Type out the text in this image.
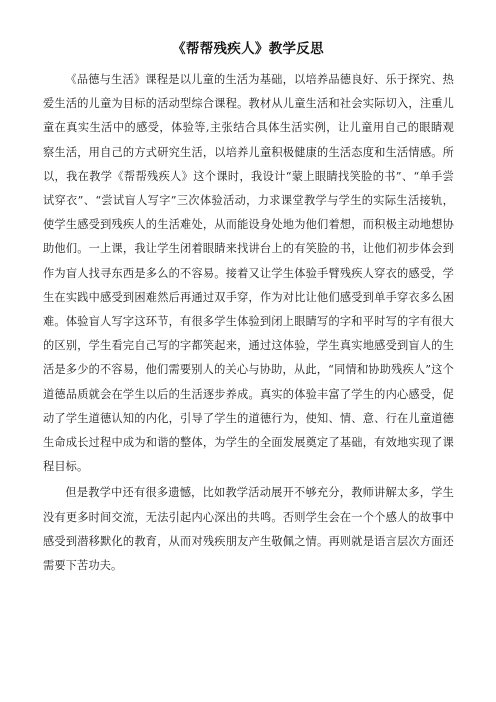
《帮帮残疾人》教学反思

《品德与生活》课程是以儿童的生活为基础，以培养品德良好、乐于探究、热爱生活的儿童为目标的活动型综合课程。教材从儿童生活和社会实际切入，注重儿童在真实生活中的感受，体验等,主张结合具体生活实例，让儿童用自己的眼睛观察生活，用自己的方式研究生活，以培养儿童积极健康的生活态度和生活情感。所以，我在教学《帮帮残疾人》这个课时，我设计“蒙上眼睛找笑脸的书”、“单手尝试穿衣”、“尝试盲人写字”三次体验活动，力求课堂教学与学生的实际生活接轨，使学生感受到残疾人的生活难处，从而能设身处地为他们着想，而积极主动地想协助他们。一上课，我让学生闭着眼睛来找讲台上的有笑脸的书，让他们初步体会到作为盲人找寻东西是多么的不容易。接着又让学生体验手臂残疾人穿衣的感受，学生在实践中感受到困难然后再通过双手穿，作为对比让他们感受到单手穿衣多么困难。体验盲人写字这环节，有很多学生体验到闭上眼睛写的字和平时写的字有很大的区别，学生看完自己写的字都笑起来，通过这体验，学生真实地感受到盲人的生活是多少的不容易，他们需要别人的关心与协助，从此，“同情和协助残疾人”这个道德品质就会在学生以后的生活逐步养成。真实的体验丰富了学生的内心感受，促动了学生道德认知的内化，引导了学生的道德行为，使知、情、意、行在儿童道德生命成长过程中成为和谐的整体，为学生的全面发展奠定了基础，有效地实现了课程目标。

但是教学中还有很多遗憾，比如教学活动展开不够充分，教师讲解太多，学生没有更多时间交流，无法引起内心深出的共鸣。否则学生会在一个个感人的故事中感受到潜移默化的教育，从而对残疾朋友产生敬佩之情。再则就是语言层次方面还需要下苦功夫。
